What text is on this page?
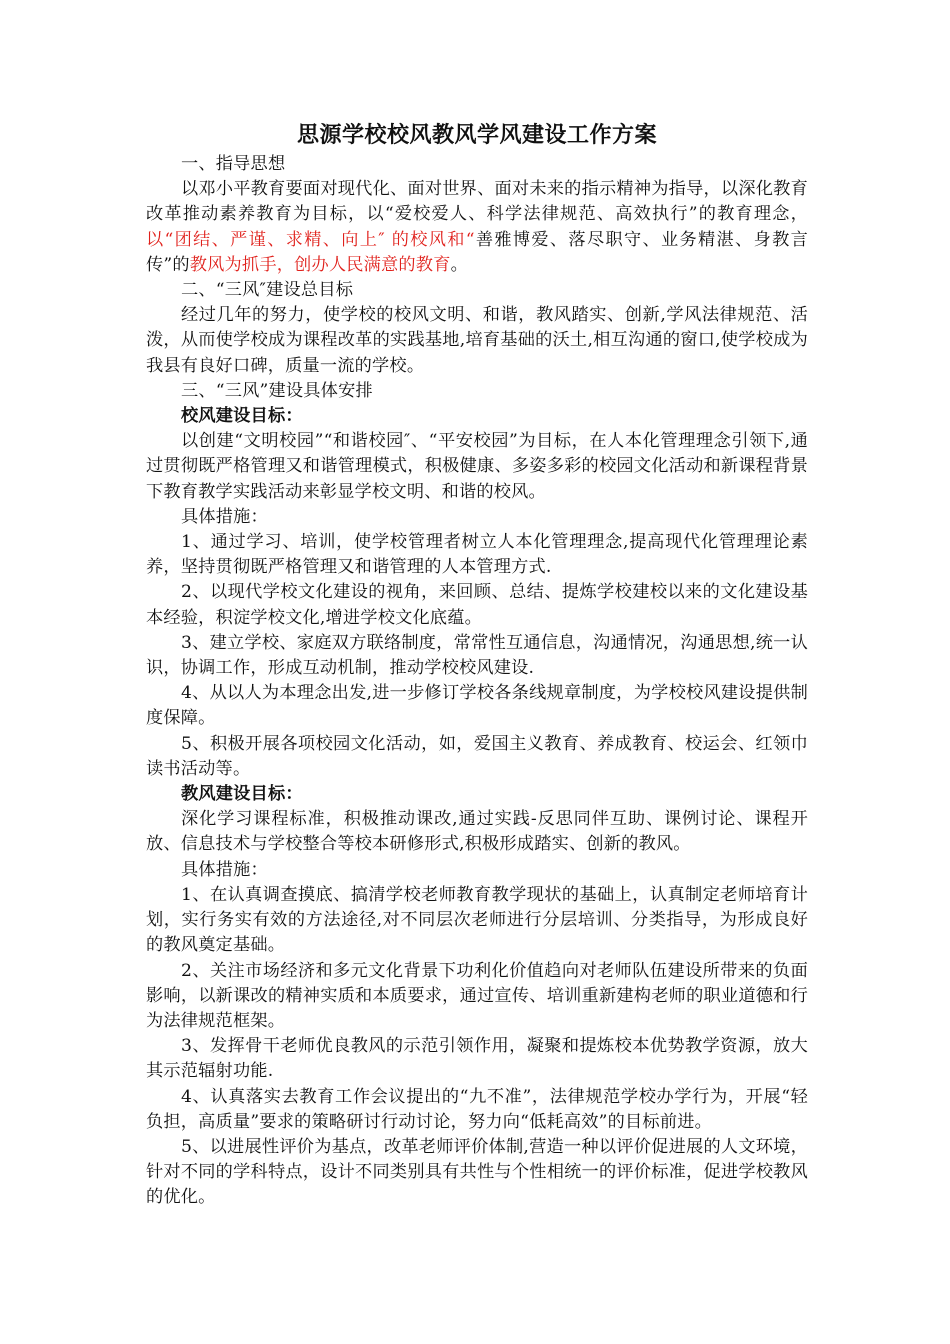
思源学校校风教风学风建设工作方案

一、指导思想

以邓小平教育要面对现代化、面对世界、面对未来的指示精神为指导，以深化教育改革推动素养教育为目标，以“爱校爱人、科学法律规范、高效执行”的教育理念，以“团结、严谨、求精、向上″ 的校风和“善雅博爱、落尽职守、业务精湛、身教言传”的教风为抓手，创办人民满意的教育。

二、“三风″建设总目标

经过几年的努力，使学校的校风文明、和谐，教风踏实、创新,学风法律规范、活泼，从而使学校成为课程改革的实践基地,培育基础的沃土,相互沟通的窗口,使学校成为我县有良好口碑，质量一流的学校。

三、“三风”建设具体安排

校风建设目标：

以创建“文明校园”“和谐校园″、“平安校园”为目标，在人本化管理理念引领下,通过贯彻既严格管理又和谐管理模式，积极健康、多姿多彩的校园文化活动和新课程背景下教育教学实践活动来彰显学校文明、和谐的校风。

具体措施：

1、通过学习、培训，使学校管理者树立人本化管理理念,提高现代化管理理论素养，坚持贯彻既严格管理又和谐管理的人本管理方式.

2、以现代学校文化建设的视角，来回顾、总结、提炼学校建校以来的文化建设基本经验，积淀学校文化,增进学校文化底蕴。

3、建立学校、家庭双方联络制度，常常性互通信息，沟通情况，沟通思想,统一认识，协调工作，形成互动机制，推动学校校风建设.

4、从以人为本理念出发,进一步修订学校各条线规章制度，为学校校风建设提供制度保障。

5、积极开展各项校园文化活动，如，爱国主义教育、养成教育、校运会、红领巾读书活动等。

教风建设目标：

深化学习课程标准，积极推动课改,通过实践-反思同伴互助、课例讨论、课程开放、信息技术与学校整合等校本研修形式,积极形成踏实、创新的教风。

具体措施：

1、在认真调查摸底、搞清学校老师教育教学现状的基础上，认真制定老师培育计划，实行务实有效的方法途径,对不同层次老师进行分层培训、分类指导，为形成良好的教风奠定基础。

2、关注市场经济和多元文化背景下功利化价值趋向对老师队伍建设所带来的负面影响，以新课改的精神实质和本质要求，通过宣传、培训重新建构老师的职业道德和行为法律规范框架。

3、发挥骨干老师优良教风的示范引领作用，凝聚和提炼校本优势教学资源，放大其示范辐射功能.

4、认真落实去教育工作会议提出的“九不准”，法律规范学校办学行为，开展“轻负担，高质量”要求的策略研讨行动讨论，努力向“低耗高效”的目标前进。

5、以进展性评价为基点，改革老师评价体制,营造一种以评价促进展的人文环境，针对不同的学科特点，设计不同类别具有共性与个性相统一的评价标准，促进学校教风的优化。
